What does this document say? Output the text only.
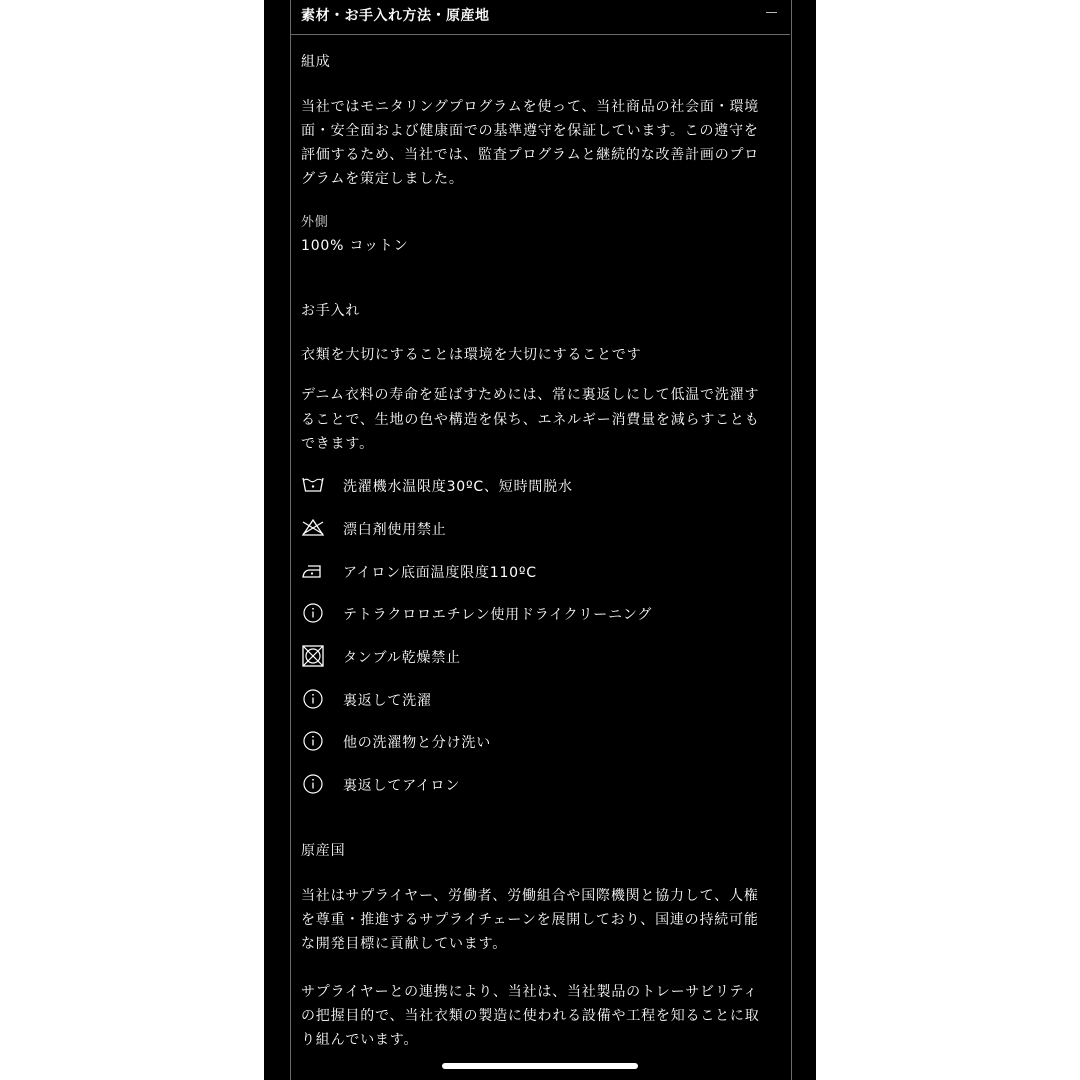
素材・お手入れ方法・原産地

組成

当社ではモニタリングプログラムを使って、当社商品の社会面・環境

面・安全面および健康面での基準遵守を保証しています。この遵守を

評価するため、当社では、監査プログラムと継続的な改善計画のプロ

グラムを策定しました。

外側

100% コットン

お手入れ

衣類を大切にすることは環境を大切にすることです

デニム衣料の寿命を延ばすためには、常に裏返しにして低温で洗濯す

ることで、生地の色や構造を保ち、エネルギー消費量を減らすことも

できます。

洗濯機水温限度30ºC、短時間脱水
漂白剤使用禁止
アイロン底面温度限度110ºC
テトラクロロエチレン使用ドライクリーニング
タンブル乾燥禁止
裏返して洗濯
他の洗濯物と分け洗い
裏返してアイロン

原産国

当社はサプライヤー、労働者、労働組合や国際機関と協力して、人権

を尊重・推進するサプライチェーンを展開しており、国連の持続可能

な開発目標に貢献しています。

サプライヤーとの連携により、当社は、当社製品のトレーサビリティ

の把握目的で、当社衣類の製造に使われる設備や工程を知ることに取

り組んでいます。
